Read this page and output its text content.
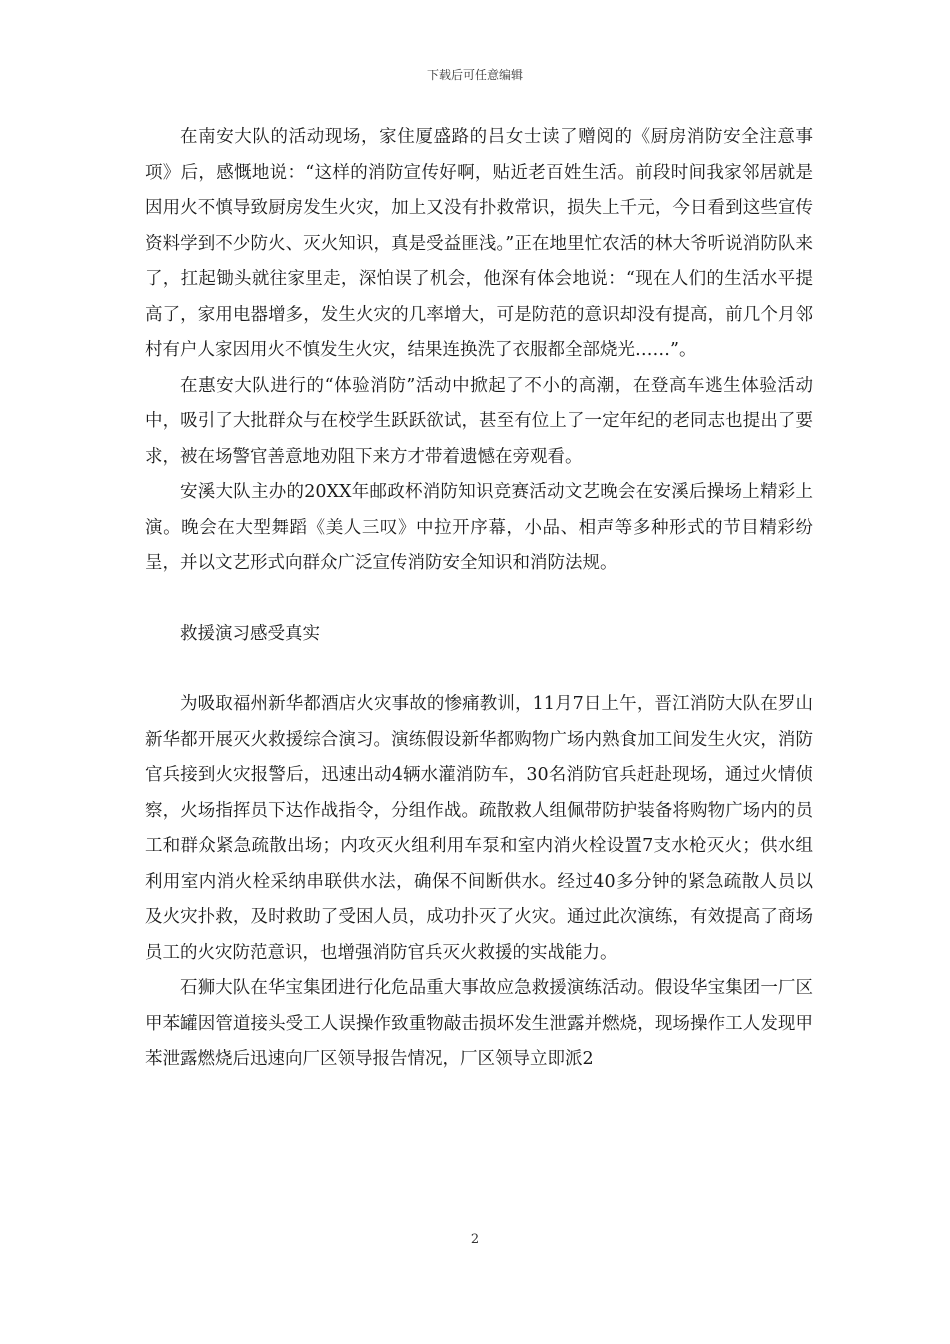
下载后可任意编辑

在南安大队的活动现场，家住厦盛路的吕女士读了赠阅的《厨房消防安全注意事项》后，感慨地说：“这样的消防宣传好啊，贴近老百姓生活。前段时间我家邻居就是因用火不慎导致厨房发生火灾，加上又没有扑救常识，损失上千元，今日看到这些宣传资料学到不少防火、灭火知识，真是受益匪浅。”正在地里忙农活的林大爷听说消防队来了，扛起锄头就往家里走，深怕误了机会，他深有体会地说：“现在人们的生活水平提高了，家用电器增多，发生火灾的几率增大，可是防范的意识却没有提高，前几个月邻村有户人家因用火不慎发生火灾，结果连换洗了衣服都全部烧光……”。

在惠安大队进行的“体验消防”活动中掀起了不小的高潮，在登高车逃生体验活动中，吸引了大批群众与在校学生跃跃欲试，甚至有位上了一定年纪的老同志也提出了要求，被在场警官善意地劝阻下来方才带着遗憾在旁观看。

安溪大队主办的20XX年邮政杯消防知识竞赛活动文艺晚会在安溪后操场上精彩上演。晚会在大型舞蹈《美人三叹》中拉开序幕，小品、相声等多种形式的节目精彩纷呈，并以文艺形式向群众广泛宣传消防安全知识和消防法规。

救援演习感受真实

为吸取福州新华都酒店火灾事故的惨痛教训，11月7日上午，晋江消防大队在罗山新华都开展灭火救援综合演习。演练假设新华都购物广场内熟食加工间发生火灾，消防官兵接到火灾报警后，迅速出动4辆水灌消防车，30名消防官兵赶赴现场，通过火情侦察，火场指挥员下达作战指令，分组作战。疏散救人组佩带防护装备将购物广场内的员工和群众紧急疏散出场；内攻灭火组利用车泵和室内消火栓设置7支水枪灭火；供水组利用室内消火栓采纳串联供水法，确保不间断供水。经过40多分钟的紧急疏散人员以及火灾扑救，及时救助了受困人员，成功扑灭了火灾。通过此次演练，有效提高了商场员工的火灾防范意识，也增强消防官兵灭火救援的实战能力。

石狮大队在华宝集团进行化危品重大事故应急救援演练活动。假设华宝集团一厂区甲苯罐因管道接头受工人误操作致重物敲击损坏发生泄露并燃烧，现场操作工人发现甲苯泄露燃烧后迅速向厂区领导报告情况，厂区领导立即派2

2
